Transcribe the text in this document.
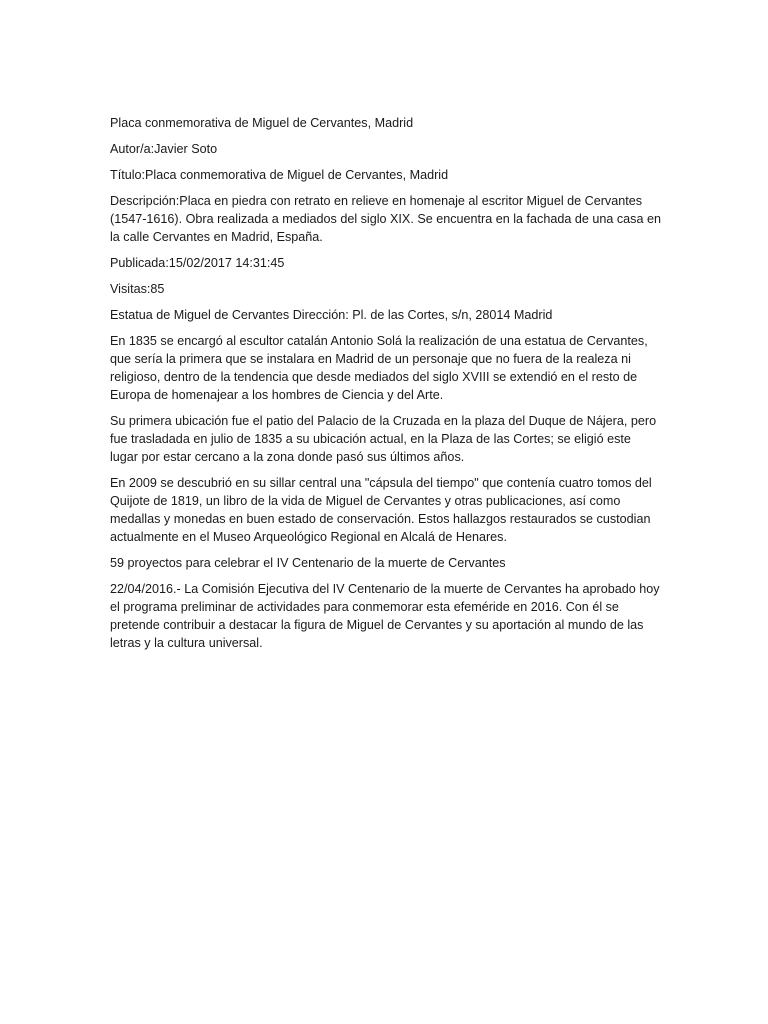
Placa conmemorativa de Miguel de Cervantes, Madrid

Autor/a:Javier Soto

Título:Placa conmemorativa de Miguel de Cervantes, Madrid

Descripción:Placa en piedra con retrato en relieve en homenaje al escritor Miguel de Cervantes (1547-1616). Obra realizada a mediados del siglo XIX. Se encuentra en la fachada de una casa en la calle Cervantes en Madrid, España.

Publicada:15/02/2017 14:31:45

Visitas:85

Estatua de Miguel de Cervantes Dirección: Pl. de las Cortes, s/n, 28014 Madrid

En 1835 se encargó al escultor catalán Antonio Solá la realización de una estatua de Cervantes, que sería la primera que se instalara en Madrid de un personaje que no fuera de la realeza ni religioso, dentro de la tendencia que desde mediados del siglo XVIII se extendió en el resto de Europa de homenajear a los hombres de Ciencia y del Arte.

Su primera ubicación fue el patio del Palacio de la Cruzada en la plaza del Duque de Nájera, pero fue trasladada en julio de 1835 a su ubicación actual, en la Plaza de las Cortes; se eligió este lugar por estar cercano a la zona donde pasó sus últimos años.

En 2009 se descubrió en su sillar central una "cápsula del tiempo" que contenía cuatro tomos del Quijote de 1819, un libro de la vida de Miguel de Cervantes y otras publicaciones, así como medallas y monedas en buen estado de conservación. Estos hallazgos restaurados se custodian actualmente en el Museo Arqueológico Regional en Alcalá de Henares.

59 proyectos para celebrar el IV Centenario de la muerte de Cervantes

22/04/2016.- La Comisión Ejecutiva del IV Centenario de la muerte de Cervantes ha aprobado hoy el programa preliminar de actividades para conmemorar esta efeméride en 2016. Con él se pretende contribuir a destacar la figura de Miguel de Cervantes y su aportación al mundo de las letras y la cultura universal.
